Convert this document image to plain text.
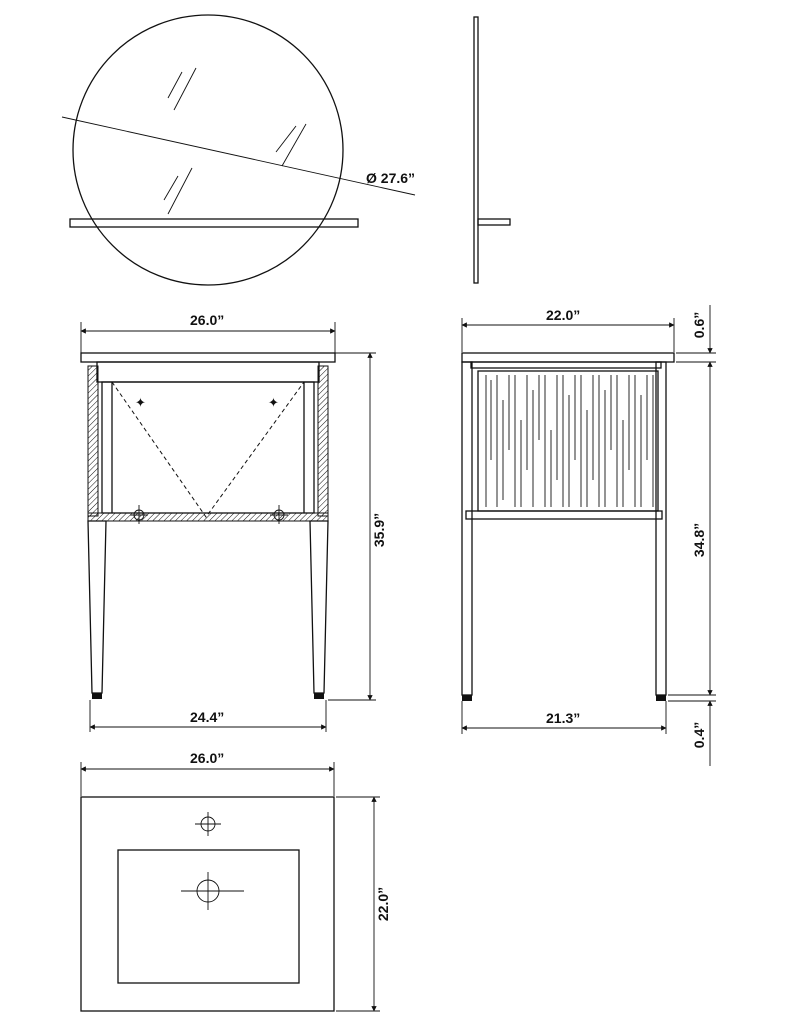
Ø 27.6”
26.0”
✦	✦
35.9”
24.4”
22.0”	0.6”
34.8”
0.4”
21.3”
26.0”
22.0”
